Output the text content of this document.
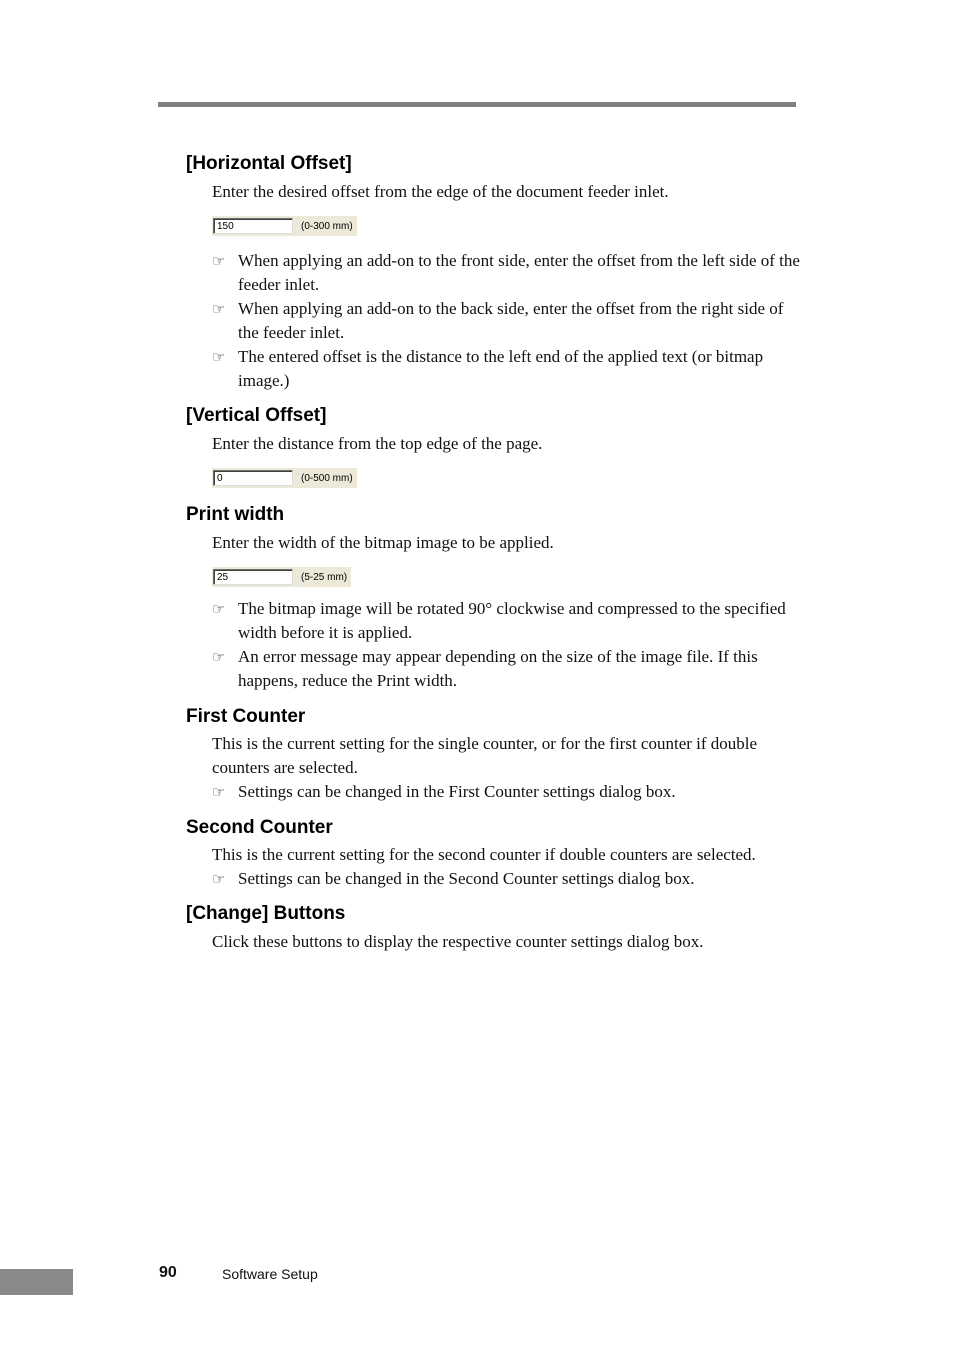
[Horizontal Offset]

Enter the desired offset from the edge of the document feeder inlet.

150
(0-300 mm)

☞ When applying an add-on to the front side, enter the offset from the left side of the feeder inlet.

☞ When applying an add-on to the back side, enter the offset from the right side of the feeder inlet.

☞ The entered offset is the distance to the left end of the applied text (or bitmap image.)

[Vertical Offset]

Enter the distance from the top edge of the page.

0
(0-500 mm)
Print width

Enter the width of the bitmap image to be applied.

25
(5-25 mm)

☞ The bitmap image will be rotated 90° clockwise and compressed to the specified width before it is applied.

☞ An error message may appear depending on the size of the image file. If this happens, reduce the Print width.

First Counter

This is the current setting for the single counter, or for the first counter if double counters are selected.

☞ Settings can be changed in the First Counter settings dialog box.

Second Counter

This is the current setting for the second counter if double counters are selected.

☞ Settings can be changed in the Second Counter settings dialog box.

[Change] Buttons

Click these buttons to display the respective counter settings dialog box.

90	Software Setup
